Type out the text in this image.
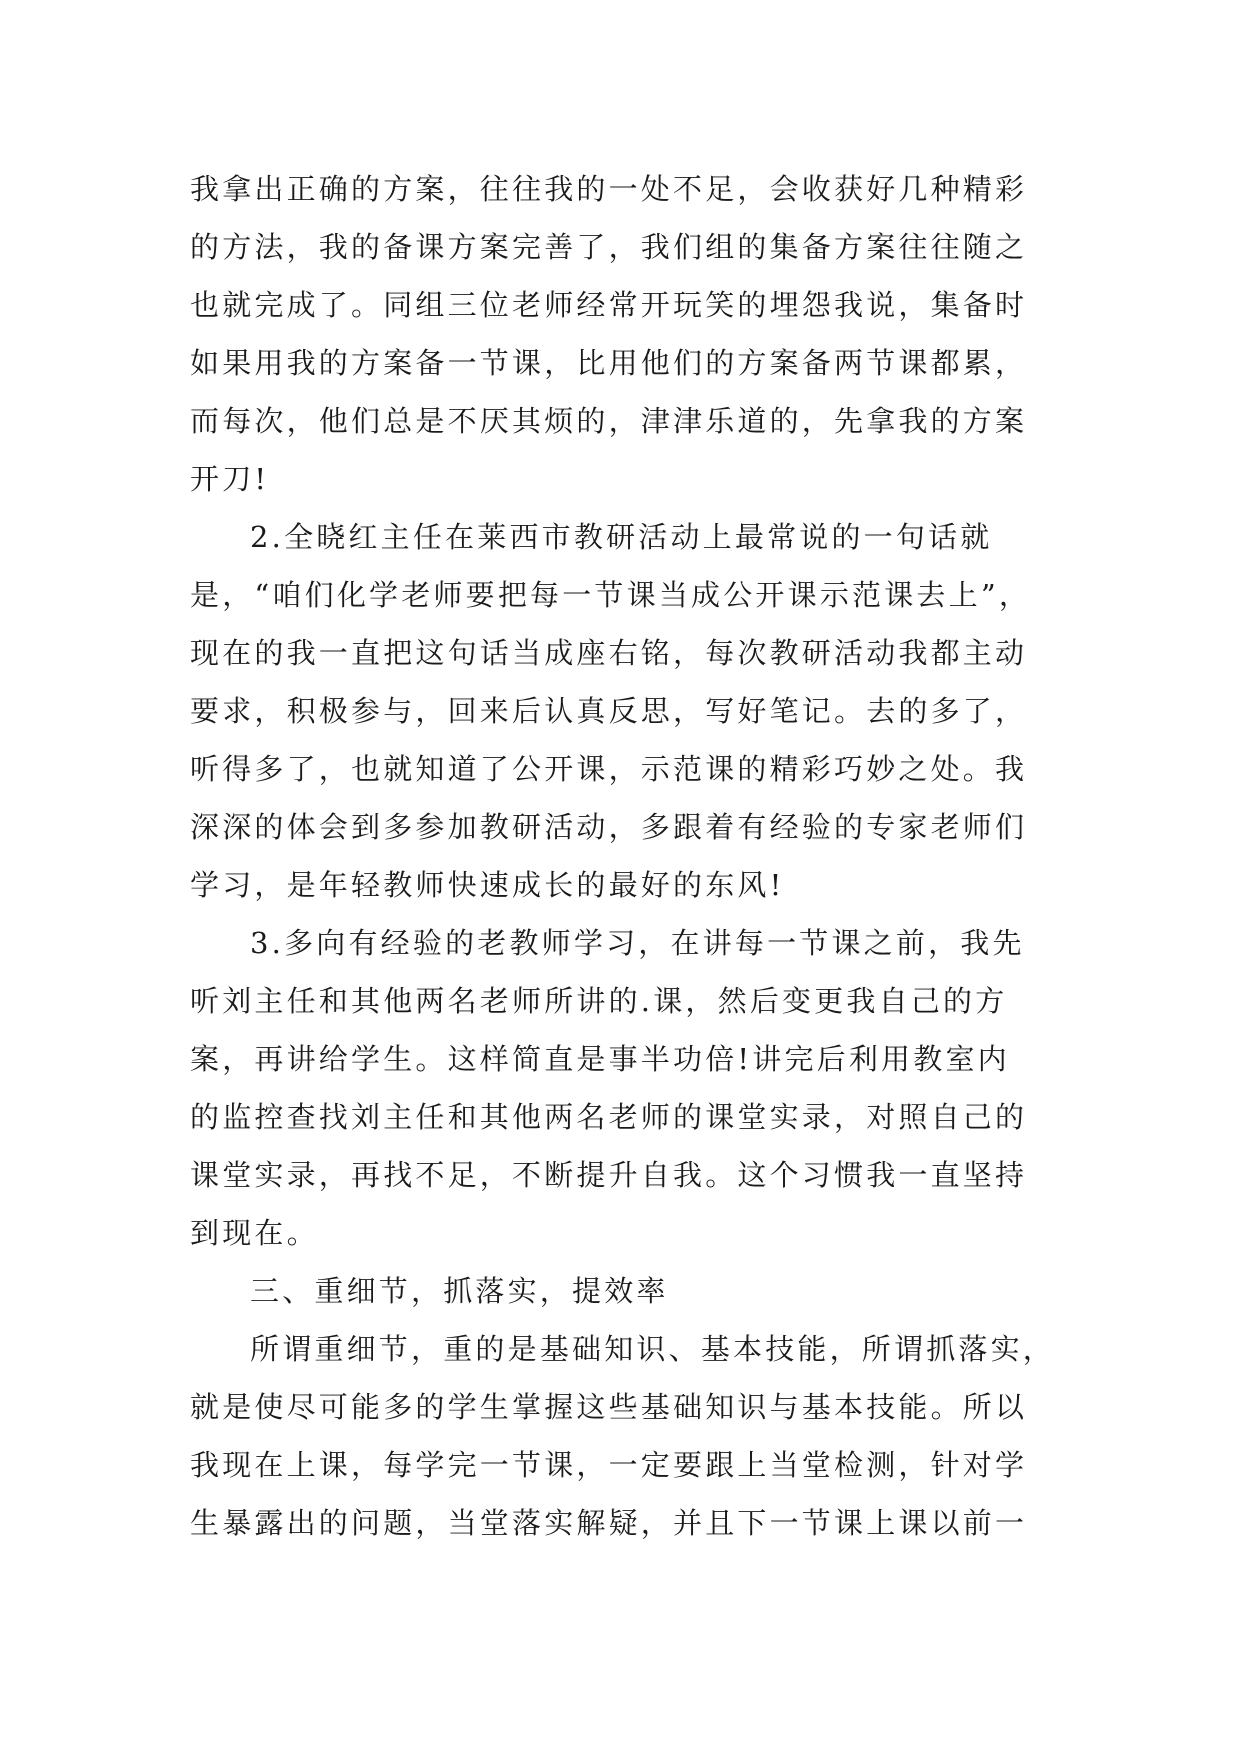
我拿出正确的方案，往往我的一处不足，会收获好几种精彩
的方法，我的备课方案完善了，我们组的集备方案往往随之
也就完成了。同组三位老师经常开玩笑的埋怨我说，集备时
如果用我的方案备一节课，比用他们的方案备两节课都累，
而每次，他们总是不厌其烦的，津津乐道的，先拿我的方案
开刀!
2.全晓红主任在莱西市教研活动上最常说的一句话就
是，“咱们化学老师要把每一节课当成公开课示范课去上”，
现在的我一直把这句话当成座右铭，每次教研活动我都主动
要求，积极参与，回来后认真反思，写好笔记。去的多了，
听得多了，也就知道了公开课，示范课的精彩巧妙之处。我
深深的体会到多参加教研活动，多跟着有经验的专家老师们
学习，是年轻教师快速成长的最好的东风!
3.多向有经验的老教师学习，在讲每一节课之前，我先
听刘主任和其他两名老师所讲的.课，然后变更我自己的方
案，再讲给学生。这样简直是事半功倍!讲完后利用教室内
的监控查找刘主任和其他两名老师的课堂实录，对照自己的
课堂实录，再找不足，不断提升自我。这个习惯我一直坚持
到现在。
三、重细节，抓落实，提效率
所谓重细节，重的是基础知识、基本技能，所谓抓落实，
就是使尽可能多的学生掌握这些基础知识与基本技能。所以
我现在上课，每学完一节课，一定要跟上当堂检测，针对学
生暴露出的问题，当堂落实解疑，并且下一节课上课以前一
